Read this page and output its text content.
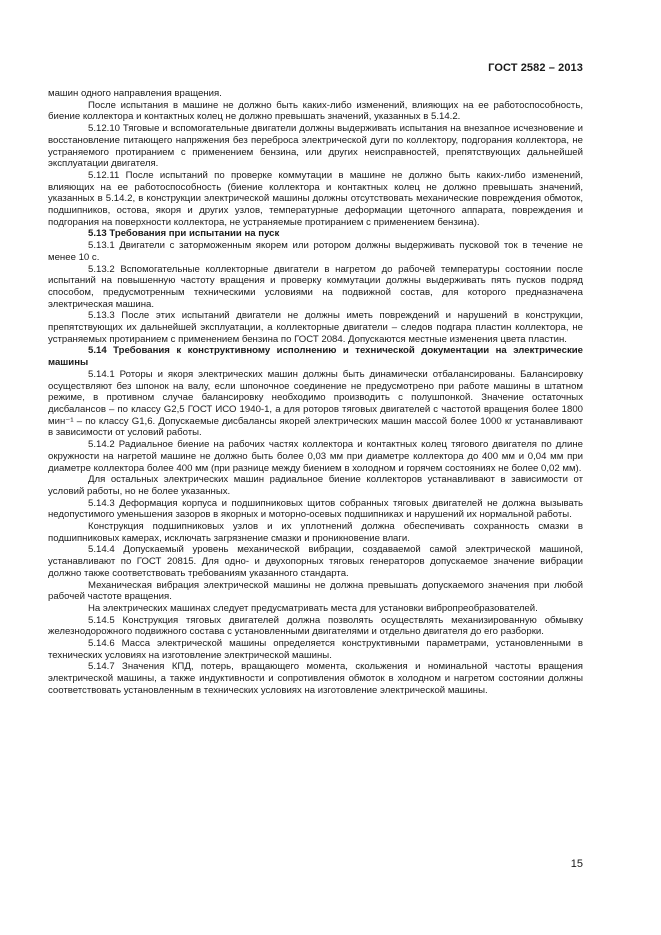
ГОСТ 2582 – 2013

машин одного направления вращения.

После испытания в машине не должно быть каких-либо изменений, влияющих на ее работоспособность, биение коллектора и контактных колец не должно превышать значений, указанных в 5.14.2.

5.12.10 Тяговые и вспомогательные двигатели должны выдерживать испытания на внезапное исчезновение и восстановление питающего напряжения без переброса электрической дуги по коллектору, подгорания коллектора, не устраняемого протиранием с применением бензина, или других неисправностей, препятствующих дальнейшей эксплуатации двигателя.

5.12.11 После испытаний по проверке коммутации в машине не должно быть каких-либо изменений, влияющих на ее работоспособность (биение коллектора и контактных колец не должно превышать значений, указанных в 5.14.2, в конструкции электрической машины должны отсутствовать механические повреждения обмоток, подшипников, остова, якоря и других узлов, температурные деформации щеточного аппарата, повреждения и подгорания на поверхности коллектора, не устраняемые протиранием с применением бензина).

5.13 Требования при испытании на пуск

5.13.1 Двигатели с заторможенным якорем или ротором должны выдерживать пусковой ток в течение не менее 10 с.

5.13.2 Вспомогательные коллекторные двигатели в нагретом до рабочей температуры состоянии после испытаний на повышенную частоту вращения и проверку коммутации должны выдерживать пять пусков подряд способом, предусмотренным техническими условиями на подвижной состав, для которого предназначена электрическая машина.

5.13.3 После этих испытаний двигатели не должны иметь повреждений и нарушений в конструкции, препятствующих их дальнейшей эксплуатации, а коллекторные двигатели – следов подгара пластин коллектора, не устраняемых протиранием с применением бензина по ГОСТ 2084. Допускаются местные изменения цвета пластин.

5.14 Требования к конструктивному исполнению и технической документации на электрические машины

5.14.1 Роторы и якоря электрических машин должны быть динамически отбалансированы. Балансировку осуществляют без шпонок на валу, если шпоночное соединение не предусмотрено при работе машины в штатном режиме, в противном случае балансировку необходимо производить с полушпонкой. Значение остаточных дисбалансов – по классу G2,5 ГОСТ ИСО 1940-1, а для роторов тяговых двигателей с частотой вращения более 1800 мин⁻¹ – по классу G1,6. Допускаемые дисбалансы якорей электрических машин массой более 1000 кг устанавливают в зависимости от условий работы.

5.14.2 Радиальное биение на рабочих частях коллектора и контактных колец тягового двигателя по длине окружности на нагретой машине не должно быть более 0,03 мм при диаметре коллектора до 400 мм и 0,04 мм при диаметре коллектора более 400 мм (при разнице между биением в холодном и горячем состояниях не более 0,02 мм).

Для остальных электрических машин радиальное биение коллекторов устанавливают в зависимости от условий работы, но не более указанных.

5.14.3 Деформация корпуса и подшипниковых щитов собранных тяговых двигателей не должна вызывать недопустимого уменьшения зазоров в якорных и моторно-осевых подшипниках и нарушений их нормальной работы.

Конструкция подшипниковых узлов и их уплотнений должна обеспечивать сохранность смазки в подшипниковых камерах, исключать загрязнение смазки и проникновение влаги.

5.14.4 Допускаемый уровень механической вибрации, создаваемой самой электрической машиной, устанавливают по ГОСТ 20815. Для одно- и двухопорных тяговых генераторов допускаемое значение вибрации должно также соответствовать требованиям указанного стандарта.

Механическая вибрация электрической машины не должна превышать допускаемого значения при любой рабочей частоте вращения.

На электрических машинах следует предусматривать места для установки вибропреобразователей.

5.14.5 Конструкция тяговых двигателей должна позволять осуществлять механизированную обмывку железнодорожного подвижного состава с установленными двигателями и отдельно двигателя до его разборки.

5.14.6 Масса электрической машины определяется конструктивными параметрами, установленными в технических условиях на изготовление электрической машины.

5.14.7 Значения КПД, потерь, вращающего момента, скольжения и номинальной частоты вращения электрической машины, а также индуктивности и сопротивления обмоток в холодном и нагретом состоянии должны соответствовать установленным в технических условиях на изготовление электрической машины.

15
